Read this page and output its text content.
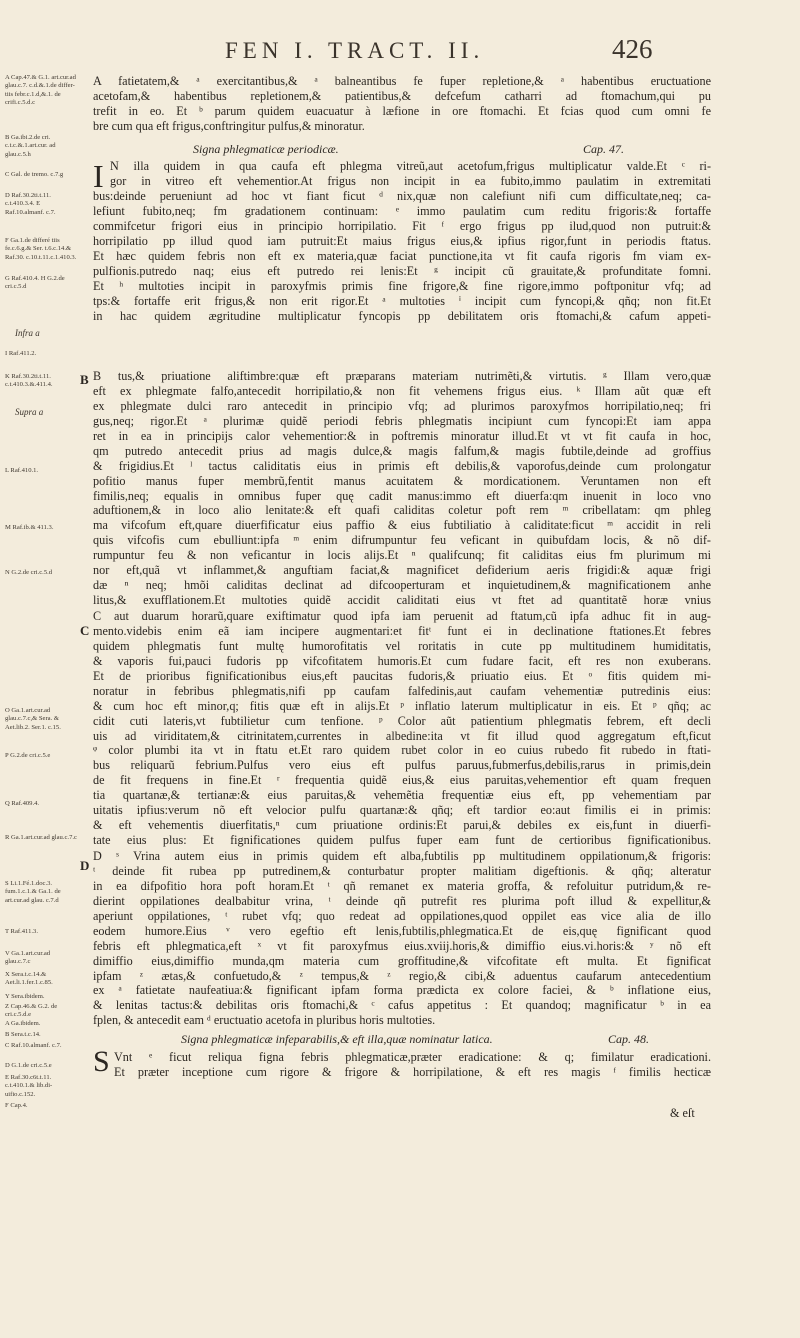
FEN I. TRACT. II.	426
A Cap.47.& G.1. art.cur.ad glau.c.7. c.d.&.1.de differ- tiis febr.c.1.d,&.1. de crifi.c.5.d.c
B Ga.ibi.2.de cri. c.t.c.&.1.art.cur. ad glau.c.5.h
C Gal. de tremo. c.7.g
D Raf.30.2ti.t.11. c.t.410.3.4. E Raf.10.almanf. c.7.
F Ga.1.de differé tiis fe.c.6.g.& Ser. t.6.c.14.& Raf.30. c.10.t.11.c.1.410.3.
G Raf.410.4. H G.2.de cri.c.5.d
Infra a
I Raf.411.2.
K Raf.30.2ti.t.11. c.t.410.3.&.411.4.
Supra a
L Raf.410.1.
M Raf.ib.& 411.3.
N G.2.de cri.c.5.d
O Ga.1.art.cur.ad glau.c.7.c,& Sera. & Aet.lib.2. Ser.1. c.15.
P G.2.de cri.c.5.e
Q Raf.409.4.
R Ga.1.art.cur.ad glau.c.7.c
S Li.1.Fé.1.doc.3. fum.1.c.1.& Ga.1. de art.cur.ad glau. c.7.d
T Raf.411.3.
V Ga.1.art.cur.ad glau.c.7.c
X Sera.t.c.14.& Aet.li.1.fer.1.c.85.
Y Sera.ibidem.
Z Cap.46.& G.2. de cri.c.5.d.e
A Ga.ibidem.
B Sera.t.c.14.
C Raf.10.almanf. c.7.
D G.1.de cri.c.5.e
E Raf.30.c6t.t.11. c.t.410.1.& lib.di- uifio.c.152.
F Cap.4.
B
C
D
A fatietatem,& ᵃ exercitantibus,& ᵃ balneantibus fe fuper repletione,& ᵃ habentibus eructuatione
acetofam,& habentibus repletionem,& patientibus,& defcefum catharri ad ftomachum,qui pu
trefit in eo. Et ᵇ parum quidem euacuatur à læfione in ore ftomachi. Et fcias quod cum omni fe
bre cum qua eft frigus,conftringitur pulfus,& minoratur.
Signa phlegmaticæ periodicæ.	Cap. 47.
I N illa quidem in qua caufa eft phlegma vitreũ,aut acetofum,frigus multiplicatur valde.Et ᶜ ri-
gor in vitreo eft vehementior.At frigus non incipit in ea fubito,immo paulatim in extremitati
bus:deinde perueniunt ad hoc vt fiant ficut ᵈ nix,quæ non calefiunt nifi cum difficultate,neq; ca-
lefiunt fubito,neq; fm gradationem continuam: ᵉ immo paulatim cum reditu frigoris:& fortaffe
commifcetur frigori eius in principio horripilatio. Fit ᶠ ergo frigus pp ilud,quod non putruit:&
horripilatio pp illud quod iam putruit:Et maius frigus eius,& ipfius rigor,funt in periodis ftatus.
Et hæc quidem febris non eft ex materia,quæ faciat punctione,ita vt fit caufa rigoris fm viam ex-
pulfionis.putredo naq; eius eft putredo rei lenis:Et ᵍ incipit cũ grauitate,& profunditate fomni.
Et ʰ multoties incipit in paroxyfmis primis fine frigore,& fine rigore,immo poftponitur vfq; ad
tps:& fortaffe erit frigus,& non erit rigor.Et ᵃ multoties ⁱ incipit cum fyncopi,& qñq; non fit.Et
in hac quidem ægritudine multiplicatur fyncopis pp debilitatem oris ftomachi,& cafum appeti-
B tus,& priuatione aliftimbre:quæ eft præparans materiam nutrimẽti,& virtutis. ᵍ Illam vero,quæ
eft ex phlegmate falfo,antecedit horripilatio,& non fit vehemens frigus eius. ᵏ Illam aũt quæ eft
ex phlegmate dulci raro antecedit in principio vfq; ad plurimos paroxyfmos horripilatio,neq; fri
gus,neq; rigor.Et ᵃ plurimæ quidẽ periodi febris phlegmatis incipiunt cum fyncopi:Et iam appa
ret in ea in principijs calor vehementior:& in poftremis minoratur illud.Et vt vt fit caufa in hoc,
qm putredo antecedit prius ad magis dulce,& magis falfum,& magis fubtile,deinde ad groffius
& frigidius.Et ˡ tactus caliditatis eius in primis eft debilis,& vaporofus,deinde cum prolongatur
pofitio manus fuper membrũ,fentit manus acuitatem & mordicationem. Veruntamen non eft
fimilis,neq; equalis in omnibus fuper quę cadit manus:immo eft diuerfa:qm inuenit in loco vno
aduftionem,& in loco alio lenitate:& eft quafi caliditas coletur poft rem ᵐ cribellatam: qm phleg
ma vifcofum eft,quare diuerfificatur eius paffio & eius fubtiliatio à caliditate:ficut ᵐ accidit in reli
quis vifcofis cum ebulliunt:ipfa ᵐ enim difrumpuntur feu veficant in quibufdam locis, & nõ dif-
rumpuntur feu & non veficantur in locis alijs.Et ⁿ qualifcunq; fit caliditas eius fm plurimum mi
nor eft,quã vt inflammet,& anguftiam faciat,& magnificet defiderium aeris frigidi:& aquæ frigi
dæ ⁿ neq; hmõi caliditas declinat ad difcooperturam et inquietudinem,& magnificationem anhe
litus,& exufflationem.Et multoties quidẽ accidit caliditati eius vt ftet ad quantitatẽ horæ vnius
C aut duarum horarũ,quare exiftimatur quod ipfa iam peruenit ad ftatum,cũ ipfa adhuc fit in aug-
mento.videbis enim eã iam incipere augmentari:et fitᵗ funt ei in declinatione ftationes.Et febres
quidem phlegmatis funt multę humorofitatis vel roritatis in cute pp multitudinem humiditatis,
& vaporis fui,pauci fudoris pp vifcofitatem humoris.Et cum fudare facit, eft res non exuberans.
Et de prioribus fignificationibus eius,eft paucitas fudoris,& priuatio eius. Et ᵒ fitis quidem mi-
noratur in febribus phlegmatis,nifi pp caufam falfedinis,aut caufam vehementiæ putredinis eius:
& cum hoc eft minor,q; fitis quæ eft in alijs.Et ᵖ inflatio laterum multiplicatur in eis. Et ᵖ qñq; ac
cidit cuti lateris,vt fubtilietur cum tenfione. ᵖ Color aũt patientium phlegmatis febrem, eft decli
uis ad viriditatem,& citrinitatem,currentes in albedine:ita vt fit illud quod aggregatum eft,ficut
ᵠ color plumbi ita vt in ftatu et.Et raro quidem rubet color in eo cuius rubedo fit rubedo in ftati-
bus reliquarũ febrium.Pulfus vero eius eft pulfus paruus,fubmerfus,debilis,rarus in primis,dein
de fit frequens in fine.Et ʳ frequentia quidẽ eius,& eius paruitas,vehementior eft quam frequen
tia quartanæ,& tertianæ:& eius paruitas,& vehemẽtia frequentiæ eius eft, pp vehementiam par
uitatis ipfius:verum nõ eft velocior pulfu quartanæ:& qñq; eft tardior eo:aut fimilis ei in primis:
& eft vehementis diuerfitatis,ⁿ cum priuatione ordinis:Et parui,& debiles ex eis,funt in diuerfi-
tate eius plus: Et fignificationes quidem pulfus fuper eam funt de certioribus fignificationibus.
D ˢ Vrina autem eius in primis quidem eft alba,fubtilis pp multitudinem oppilationum,& frigoris:
ᵗ deinde fit rubea pp putredinem,& conturbatur propter malitiam digeftionis. & qñq; alteratur
in ea difpofitio hora poft horam.Et ᵗ qñ remanet ex materia groffa, & refoluitur putridum,& re-
dierint oppilationes dealbabitur vrina, ᵗ deinde qñ putrefit res plurima poft illud & expellitur,&
aperiunt oppilationes, ᵗ rubet vfq; quo redeat ad oppilationes,quod oppilet eas vice alia de illo
eodem humore.Eius ᵛ vero egeftio eft lenis,fubtilis,phlegmatica.Et de eis,quę fignificant quod
febris eft phlegmatica,eft ˣ vt fit paroxyfmus eius.xviij.horis,& dimiffio eius.vi.horis:& ʸ nõ eft
dimiffio eius,dimiffio munda,qm materia cum groffitudine,& vifcofitate eft multa. Et fignificat
ipfam ᶻ ætas,& confuetudo,& ᶻ tempus,& ᶻ regio,& cibi,& aduentus caufarum antecedentium
ex ᵃ fatietate naufeatiua:& fignificant ipfam forma prædicta ex colore faciei, & ᵇ inflatione eius,
& lenitas tactus:& debilitas oris ftomachi,& ᶜ cafus appetitus : Et quandoq; magnificatur ᵇ in ea
fplen, & antecedit eam ᵈ eructuatio acetofa in pluribus horis multoties.
Signa phlegmaticæ infeparabilis,& eft illa,quæ nominatur latica.	Cap. 48.
S Vnt ᵉ ficut reliqua figna febris phlegmaticæ,præter eradicatione: & q; fimilatur eradicationi.
Et præter inceptione cum rigore & frigore & horripilatione, & eft res magis ᶠ fimilis hecticæ
& eſt
